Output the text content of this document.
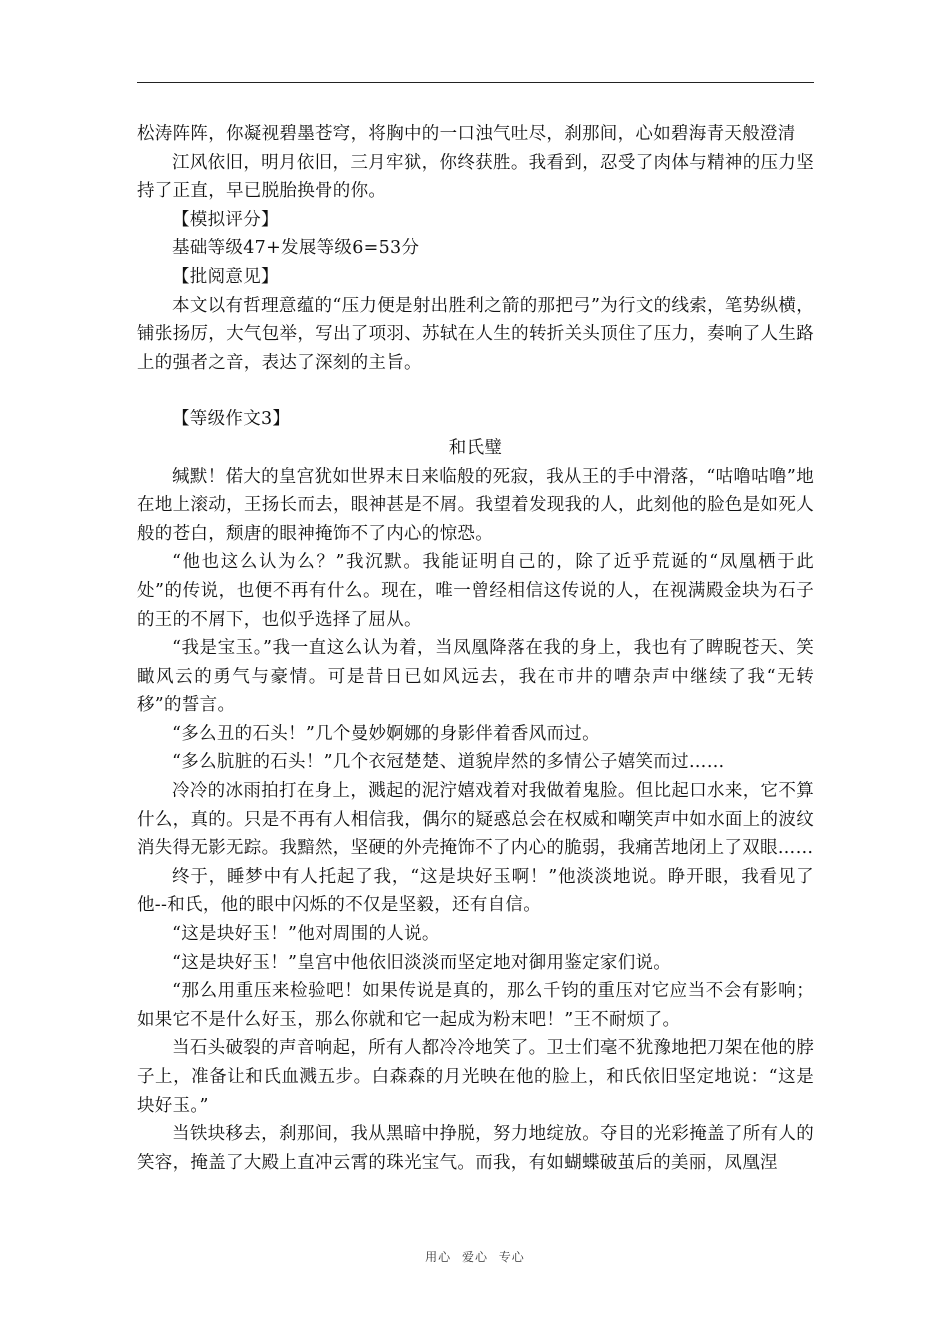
松涛阵阵，你凝视碧墨苍穹，将胸中的一口浊气吐尽，刹那间，心如碧海青天般澄清

江风依旧，明月依旧，三月牢狱，你终获胜。我看到，忍受了肉体与精神的压力坚持了正直，早已脱胎换骨的你。

【模拟评分】

基础等级47+发展等级6=53分

【批阅意见】

本文以有哲理意蕴的“压力便是射出胜利之箭的那把弓”为行文的线索，笔势纵横，铺张扬厉，大气包举，写出了项羽、苏轼在人生的转折关头顶住了压力，奏响了人生路上的强者之音，表达了深刻的主旨。

【等级作文3】

和氏璧

缄默！偌大的皇宫犹如世界末日来临般的死寂，我从王的手中滑落，“咕噜咕噜”地在地上滚动，王扬长而去，眼神甚是不屑。我望着发现我的人，此刻他的脸色是如死人般的苍白，颓唐的眼神掩饰不了内心的惊恐。

“他也这么认为么？”我沉默。我能证明自己的，除了近乎荒诞的“凤凰栖于此处”的传说，也便不再有什么。现在，唯一曾经相信这传说的人，在视满殿金块为石子的王的不屑下，也似乎选择了屈从。

“我是宝玉。”我一直这么认为着，当凤凰降落在我的身上，我也有了睥睨苍天、笑瞰风云的勇气与豪情。可是昔日已如风远去，我在市井的嘈杂声中继续了我“无转移”的誓言。

“多么丑的石头！”几个曼妙婀娜的身影伴着香风而过。

“多么肮脏的石头！”几个衣冠楚楚、道貌岸然的多情公子嬉笑而过……

冷冷的冰雨拍打在身上，溅起的泥泞嬉戏着对我做着鬼脸。但比起口水来，它不算什么，真的。只是不再有人相信我，偶尔的疑惑总会在权威和嘲笑声中如水面上的波纹消失得无影无踪。我黯然，坚硬的外壳掩饰不了内心的脆弱，我痛苦地闭上了双眼……

终于，睡梦中有人托起了我，“这是块好玉啊！”他淡淡地说。睁开眼，我看见了他--和氏，他的眼中闪烁的不仅是坚毅，还有自信。

“这是块好玉！”他对周围的人说。

“这是块好玉！”皇宫中他依旧淡淡而坚定地对御用鉴定家们说。

“那么用重压来检验吧！如果传说是真的，那么千钧的重压对它应当不会有影响；如果它不是什么好玉，那么你就和它一起成为粉末吧！”王不耐烦了。

当石头破裂的声音响起，所有人都冷冷地笑了。卫士们毫不犹豫地把刀架在他的脖子上，准备让和氏血溅五步。白森森的月光映在他的脸上，和氏依旧坚定地说：“这是块好玉。”

当铁块移去，刹那间，我从黑暗中挣脱，努力地绽放。夺目的光彩掩盖了所有人的笑容，掩盖了大殿上直冲云霄的珠光宝气。而我，有如蝴蝶破茧后的美丽，凤凰涅

用心 爱心 专心
